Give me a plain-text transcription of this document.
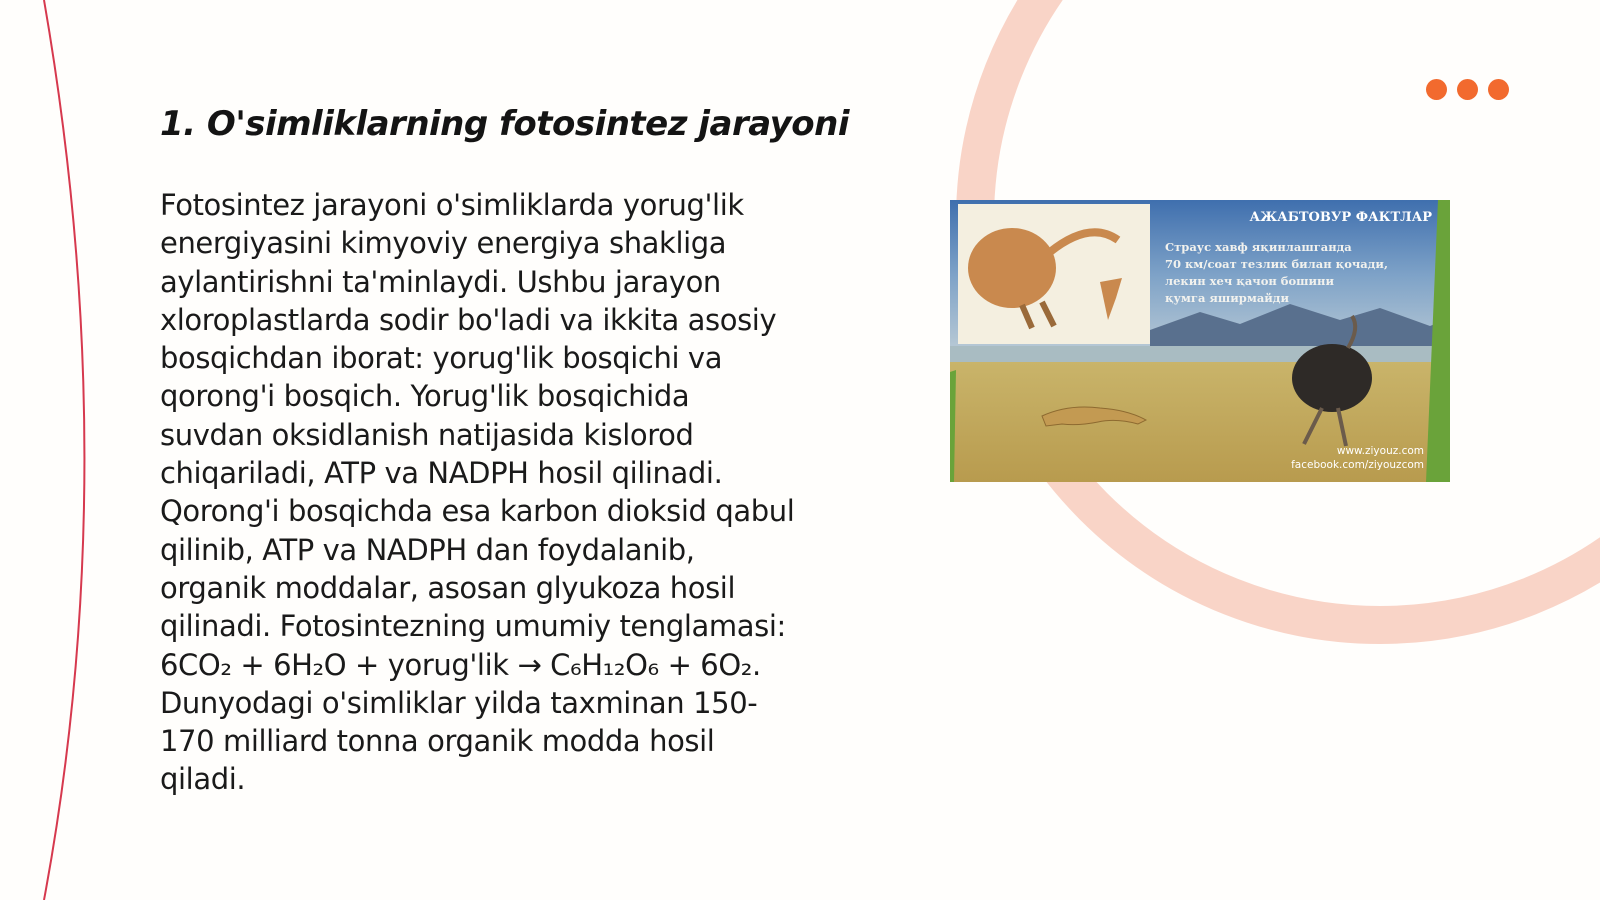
1. O'simliklarning fotosintez jarayoni
Fotosintez jarayoni o'simliklarda yorug'lik
energiyasini kimyoviy energiya shakliga
aylantirishni ta'minlaydi. Ushbu jarayon
xloroplastlarda sodir bo'ladi va ikkita asosiy
bosqichdan iborat: yorug'lik bosqichi va
qorong'i bosqich. Yorug'lik bosqichida
suvdan oksidlanish natijasida kislorod
chiqariladi, ATP va NADPH hosil qilinadi.
Qorong'i bosqichda esa karbon dioksid qabul
qilinib, ATP va NADPH dan foydalanib,
organik moddalar, asosan glyukoza hosil
qilinadi. Fotosintezning umumiy tenglamasi:
6CO₂ + 6H₂O + yorug'lik → C₆H₁₂O₆ + 6O₂.
Dunyodagi o'simliklar yilda taxminan 150-
170 milliard tonna organik modda hosil
qiladi.
АЖАБТОВУР ФАКТЛАР
Страус хавф яқинлашганда
70 км/соат тезлик билан қочади,
лекин хеч қачон бошини
қумга яширмайди
www.ziyouz.com
facebook.com/ziyouzcom
